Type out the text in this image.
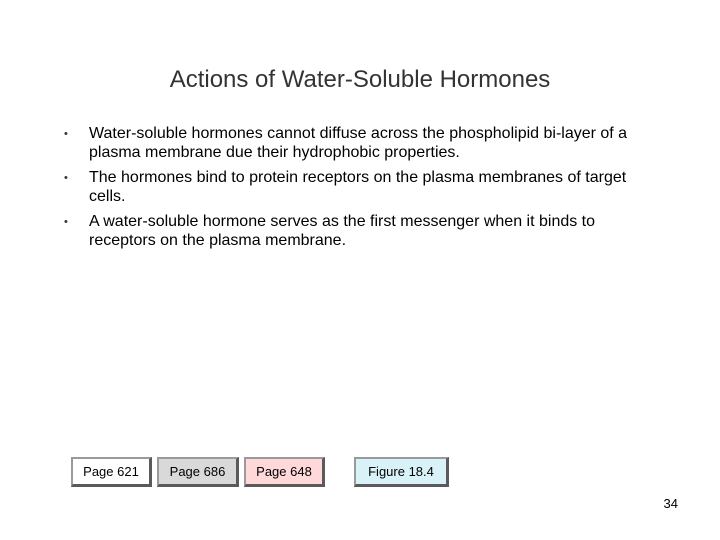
Actions of Water-Soluble Hormones
• Water-soluble hormones cannot diffuse across the phospholipid bi-layer of a plasma membrane due their hydrophobic properties.
• The hormones bind to protein receptors on the plasma membranes of target cells.
• A water-soluble hormone serves as the first messenger when it binds to receptors on the plasma membrane.
Page 621	Page 686	Page 648	Figure 18.4
34
